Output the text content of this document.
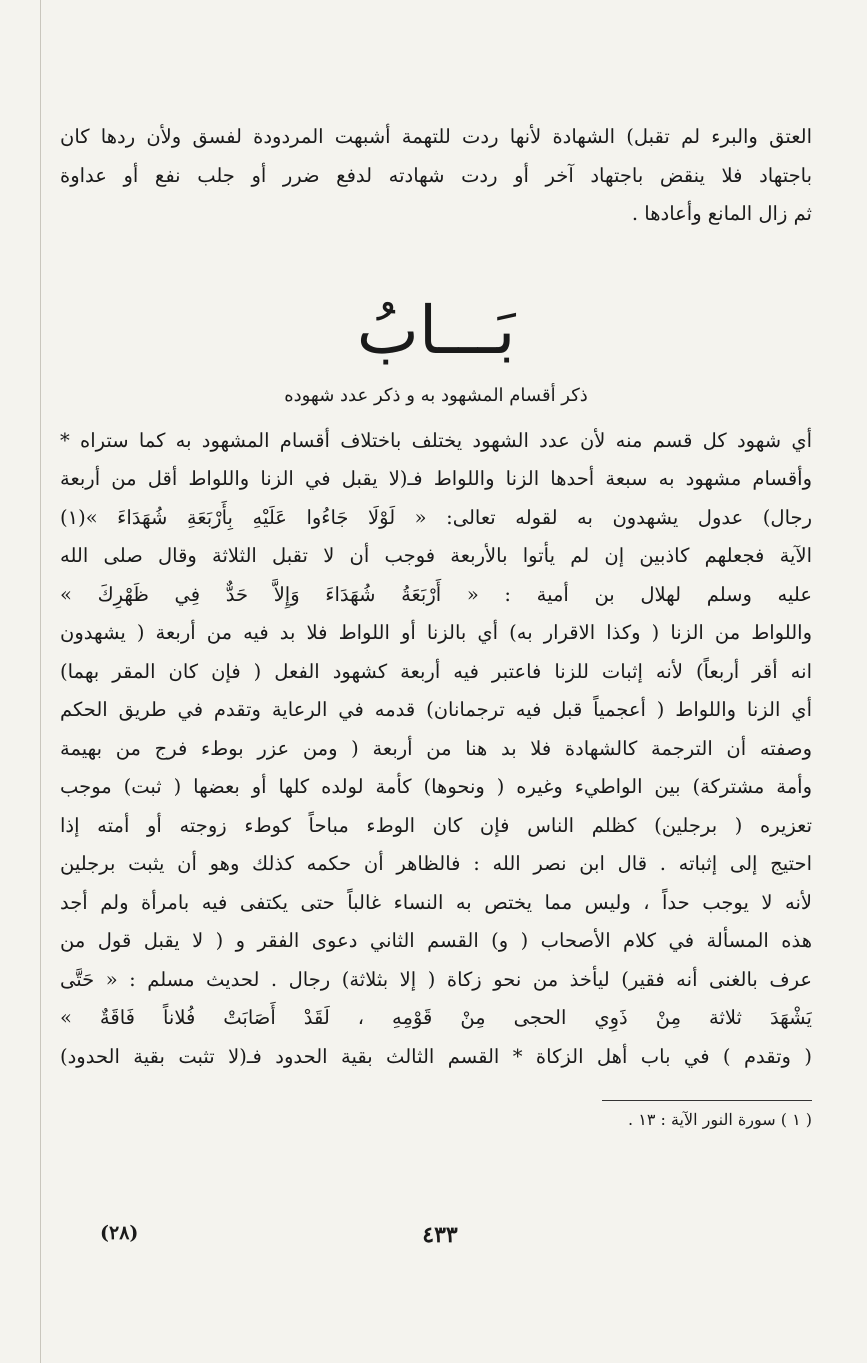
العتق والبرء لم تقبل) الشهادة لأنها ردت للتهمة أشبهت المردودة لفسق ولأن ردها كان
باجتهاد فلا ينقض باجتهاد آخر أو ردت شهادته لدفع ضرر أو جلب نفع أو عداوة
ثم زال المانع وأعادها .
بَـــابُ
ذكر أقسام المشهود به و ذكر عدد شهوده
أي شهود كل قسم منه لأن عدد الشهود يختلف باختلاف أقسام المشهود به كما ستراه *
وأقسام مشهود به سبعة أحدها الزنا واللواط فـ(لا يقبل في الزنا واللواط أقل من أربعة
رجال) عدول يشهدون به لقوله تعالى: « لَوْلَا جَاءُوا عَلَيْهِ بِأَرْبَعَةِ شُهَدَاءَ »(١)
الآية فجعلهم كاذبين إن لم يأتوا بالأربعة فوجب أن لا تقبل الثلاثة وقال صلى الله
عليه وسلم لهلال بن أمية : « أَرْبَعَةُ شُهَدَاءَ وَإِلاَّ حَدٌّ فِي ظَهْرِكَ »
واللواط من الزنا ( وكذا الاقرار به) أي بالزنا أو اللواط فلا بد فيه من أربعة ( يشهدون
انه أقر أربعاً) لأنه إثبات للزنا فاعتبر فيه أربعة كشهود الفعل ( فإن كان المقر بهما)
أي الزنا واللواط ( أعجمياً قبل فيه ترجمانان) قدمه في الرعاية وتقدم في طريق الحكم
وصفته أن الترجمة كالشهادة فلا بد هنا من أربعة ( ومن عزر بوطء فرج من بهيمة
وأمة مشتركة) بين الواطيء وغيره ( ونحوها) كأمة لولده كلها أو بعضها ( ثبت) موجب
تعزيره ( برجلين) كظلم الناس فإن كان الوطء مباحاً كوطء زوجته أو أمته إذا
احتيج إلى إثباته . قال ابن نصر الله : فالظاهر أن حكمه كذلك وهو أن يثبت برجلين
لأنه لا يوجب حداً ، وليس مما يختص به النساء غالباً حتى يكتفى فيه بامرأة ولم أجد
هذه المسألة في كلام الأصحاب ( و) القسم الثاني دعوى الفقر و ( لا يقبل قول من
عرف بالغنى أنه فقير) ليأخذ من نحو زكاة ( إلا بثلاثة) رجال . لحديث مسلم : « حَتَّى
يَشْهَدَ ثلاثة مِنْ ذَوِي الحجى مِنْ قَوْمِهِ ، لَقَدْ أَصَابَتْ فُلاناً فَاقَةٌ »
( وتقدم ) في باب أهل الزكاة * القسم الثالث بقية الحدود فـ(لا تثبت بقية الحدود)

( ١ ) سورة النور الآية : ١٣ .

(٢٨)	٤٣٣
